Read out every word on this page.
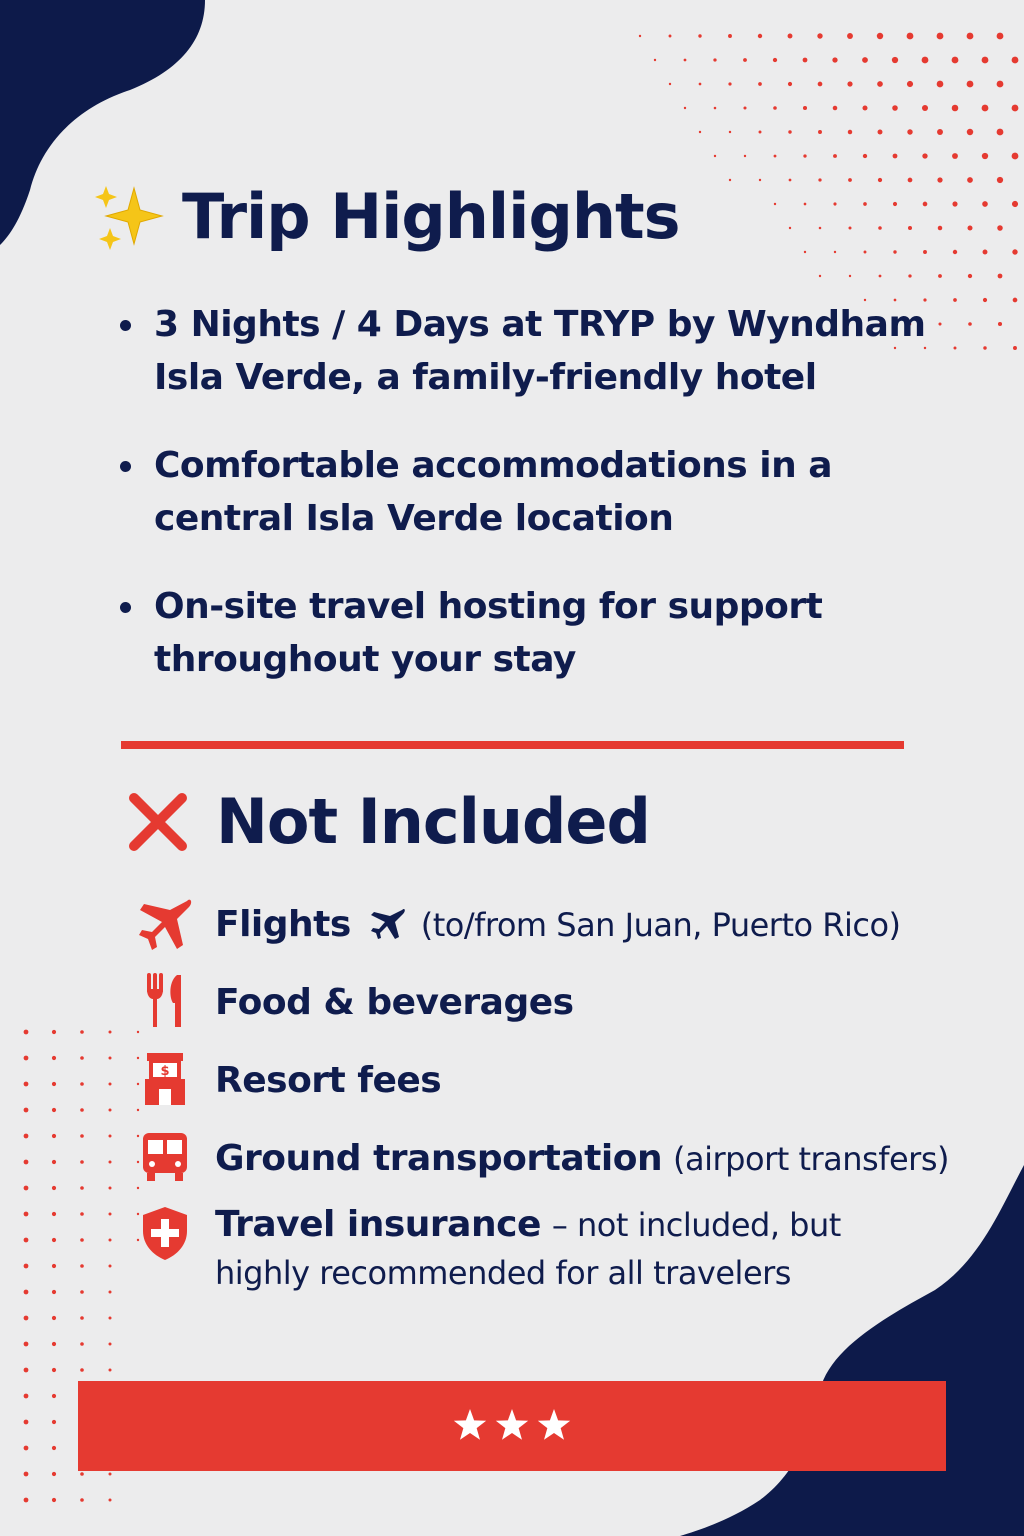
Trip Highlights
3 Nights / 4 Days at TRYP by Wyndham Isla Verde, a family-friendly hotel
Comfortable accommodations in a central Isla Verde location
On-site travel hosting for support throughout your stay
Not Included
Flights (to/from San Juan, Puerto Rico)
Food & beverages
$ Resort fees
Ground transportation (airport transfers)
Travel insurance – not included, but highly recommended for all travelers
